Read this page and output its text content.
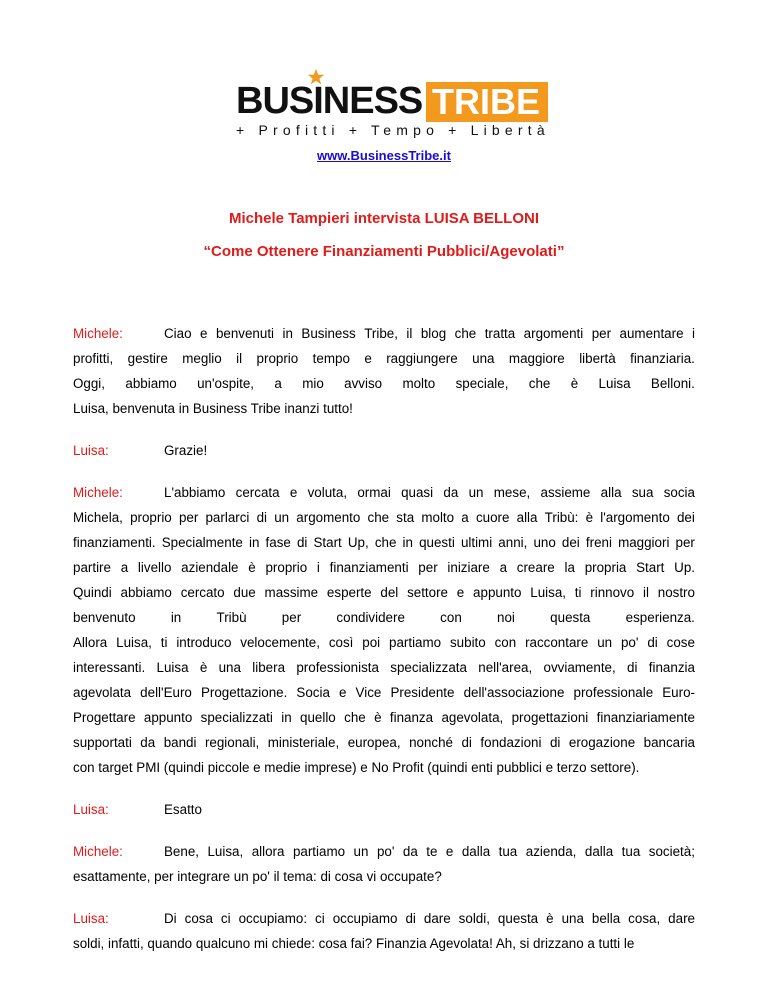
BUSINESS TRIBE
+ Profitti + Tempo + Libertà
www.BusinessTribe.it
Michele Tampieri intervista LUISA BELLONI
“Come Ottenere Finanziamenti Pubblici/Agevolati”
Michele:	Ciao e benvenuti in Business Tribe, il blog che tratta argomenti per aumentare i
profitti, gestire meglio il proprio tempo e raggiungere una maggiore libertà finanziaria.
Oggi, abbiamo un'ospite, a mio avviso molto speciale, che è Luisa Belloni.
Luisa, benvenuta in Business Tribe inanzi tutto!
Luisa:	Grazie!
Michele:	L'abbiamo cercata e voluta, ormai quasi da un mese, assieme alla sua socia
Michela, proprio per parlarci di un argomento che sta molto a cuore alla Tribù: è l'argomento dei
finanziamenti. Specialmente in fase di Start Up, che in questi ultimi anni, uno dei freni maggiori per
partire a livello aziendale è proprio i finanziamenti per iniziare a creare la propria Start Up.
Quindi abbiamo cercato due massime esperte del settore e appunto Luisa, ti rinnovo il nostro
benvenuto	in	Tribù	per	condividere	con	noi	questa	esperienza.
Allora Luisa, ti introduco velocemente, così poi partiamo subito con raccontare un po' di cose
interessanti. Luisa è una libera professionista specializzata nell'area, ovviamente, di finanzia
agevolata dell'Euro Progettazione. Socia e Vice Presidente dell'associazione professionale Euro-
Progettare appunto specializzati in quello che è finanza agevolata, progettazioni finanziariamente
supportati da bandi regionali, ministeriale, europea, nonché di fondazioni di erogazione bancaria
con target PMI (quindi piccole e medie imprese) e No Profit (quindi enti pubblici e terzo settore).
Luisa:	Esatto
Michele:	Bene, Luisa, allora partiamo un po' da te e dalla tua azienda, dalla tua società;
esattamente, per integrare un po' il tema: di cosa vi occupate?
Luisa:	Di cosa ci occupiamo: ci occupiamo di dare soldi, questa è una bella cosa, dare
soldi, infatti, quando qualcuno mi chiede: cosa fai? Finanzia Agevolata! Ah, si drizzano a tutti le
